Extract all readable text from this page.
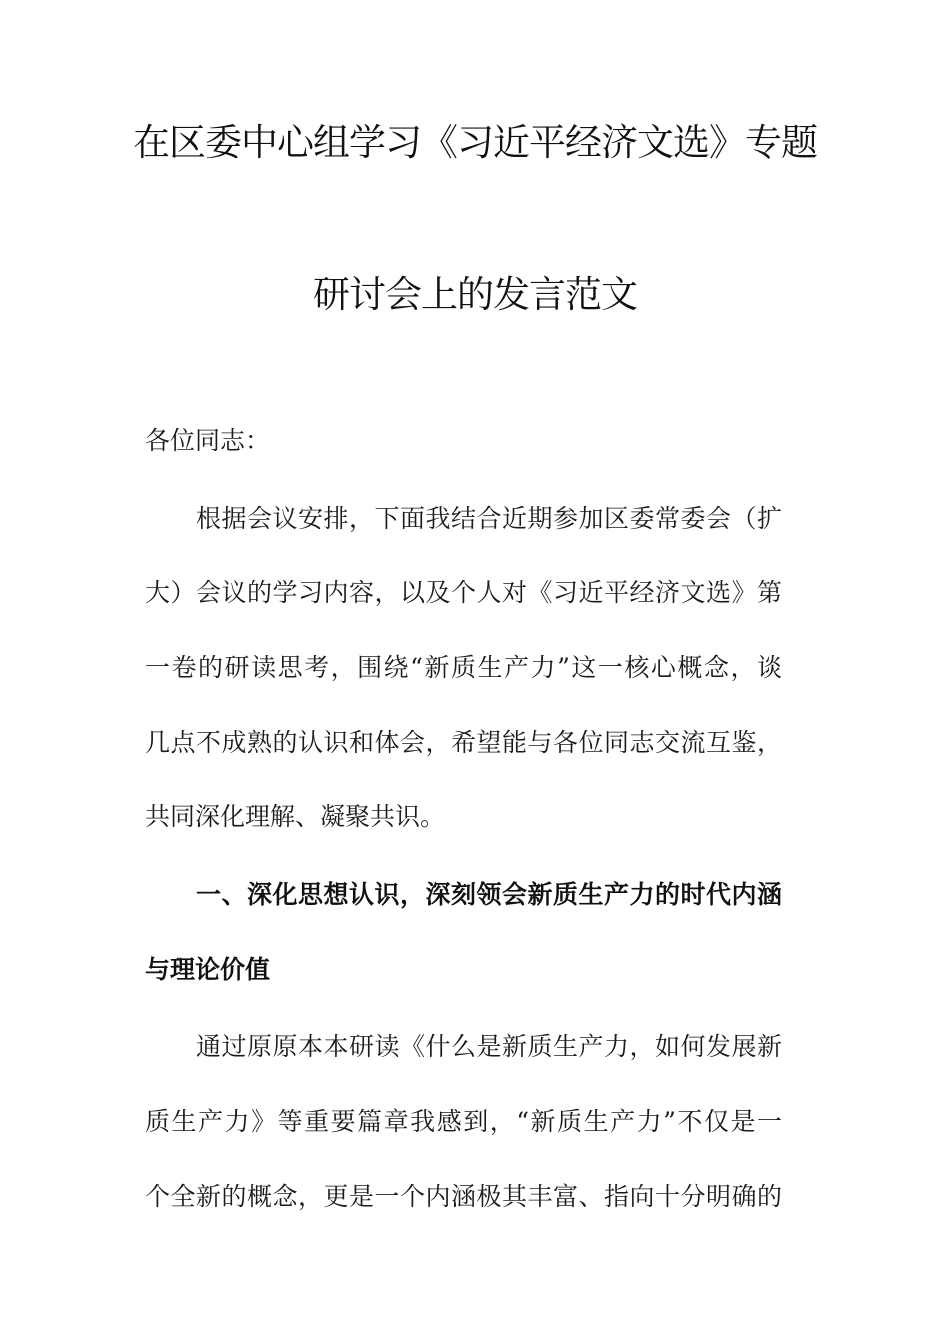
在区委中心组学习《习近平经济文选》专题
研讨会上的发言范文
各位同志：
根据会议安排，下面我结合近期参加区委常委会（扩
大）会议的学习内容，以及个人对《习近平经济文选》第
一卷的研读思考，围绕“新质生产力”这一核心概念，谈
几点不成熟的认识和体会，希望能与各位同志交流互鉴，
共同深化理解、凝聚共识。
一、深化思想认识，深刻领会新质生产力的时代内涵
与理论价值
通过原原本本研读《什么是新质生产力，如何发展新
质生产力》等重要篇章我感到，“新质生产力”不仅是一
个全新的概念，更是一个内涵极其丰富、指向十分明确的
